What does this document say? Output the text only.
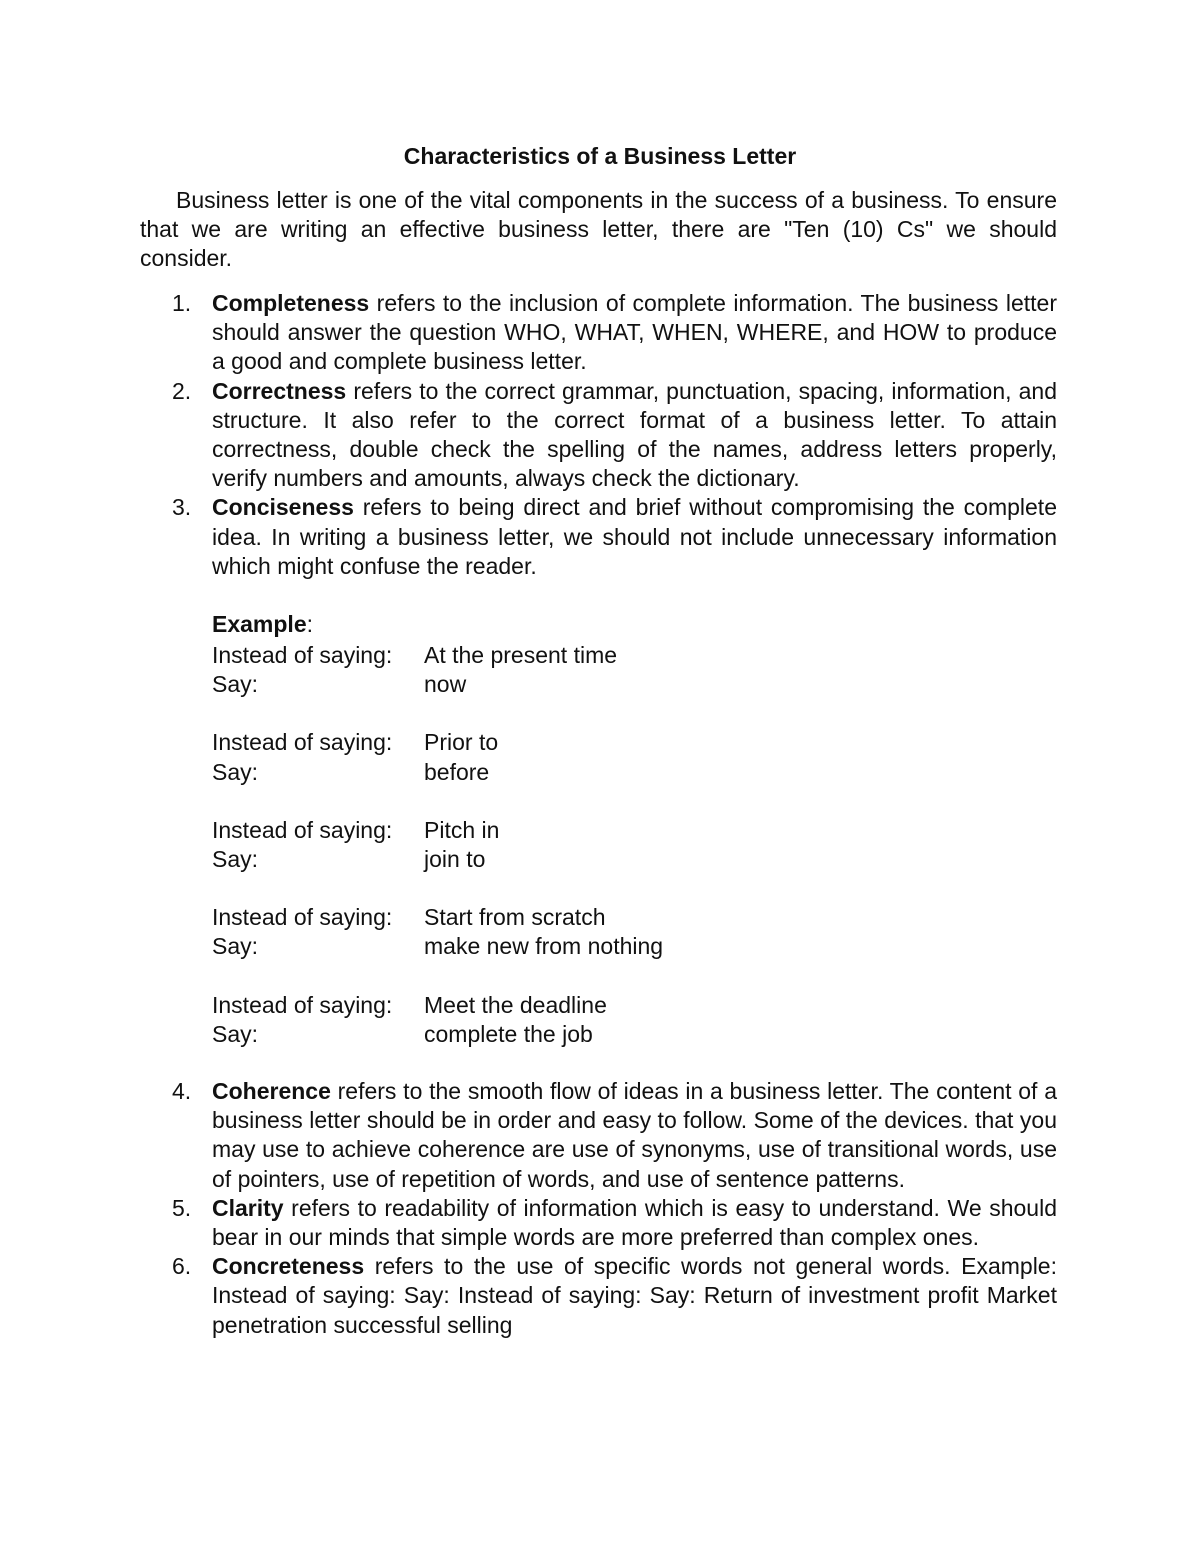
Characteristics of a Business Letter

Business letter is one of the vital components in the success of a business. To ensure that we are writing an effective business letter, there are "Ten (10) Cs" we should consider.

1. Completeness refers to the inclusion of complete information. The business letter should answer the question WHO, WHAT, WHEN, WHERE, and HOW to produce a good and complete business letter.
2. Correctness refers to the correct grammar, punctuation, spacing, information, and structure. It also refer to the correct format of a business letter. To attain correctness, double check the spelling of the names, address letters properly, verify numbers and amounts, always check the dictionary.
3. Conciseness refers to being direct and brief without compromising the complete idea. In writing a business letter, we should not include unnecessary information which might confuse the reader.
Example:
Instead of saying:	At the present time
Say:	now
Instead of saying:	Prior to
Say:	before
Instead of saying:	Pitch in
Say:	join to
Instead of saying:	Start from scratch
Say:	make new from nothing
Instead of saying:	Meet the deadline
Say:	complete the job
4. Coherence refers to the smooth flow of ideas in a business letter. The content of a business letter should be in order and easy to follow. Some of the devices. that you may use to achieve coherence are use of synonyms, use of transitional words, use of pointers, use of repetition of words, and use of sentence patterns.
5. Clarity refers to readability of information which is easy to understand. We should bear in our minds that simple words are more preferred than complex ones.
6. Concreteness refers to the use of specific words not general words. Example: Instead of saying: Say: Instead of saying: Say: Return of investment profit Market penetration successful selling
